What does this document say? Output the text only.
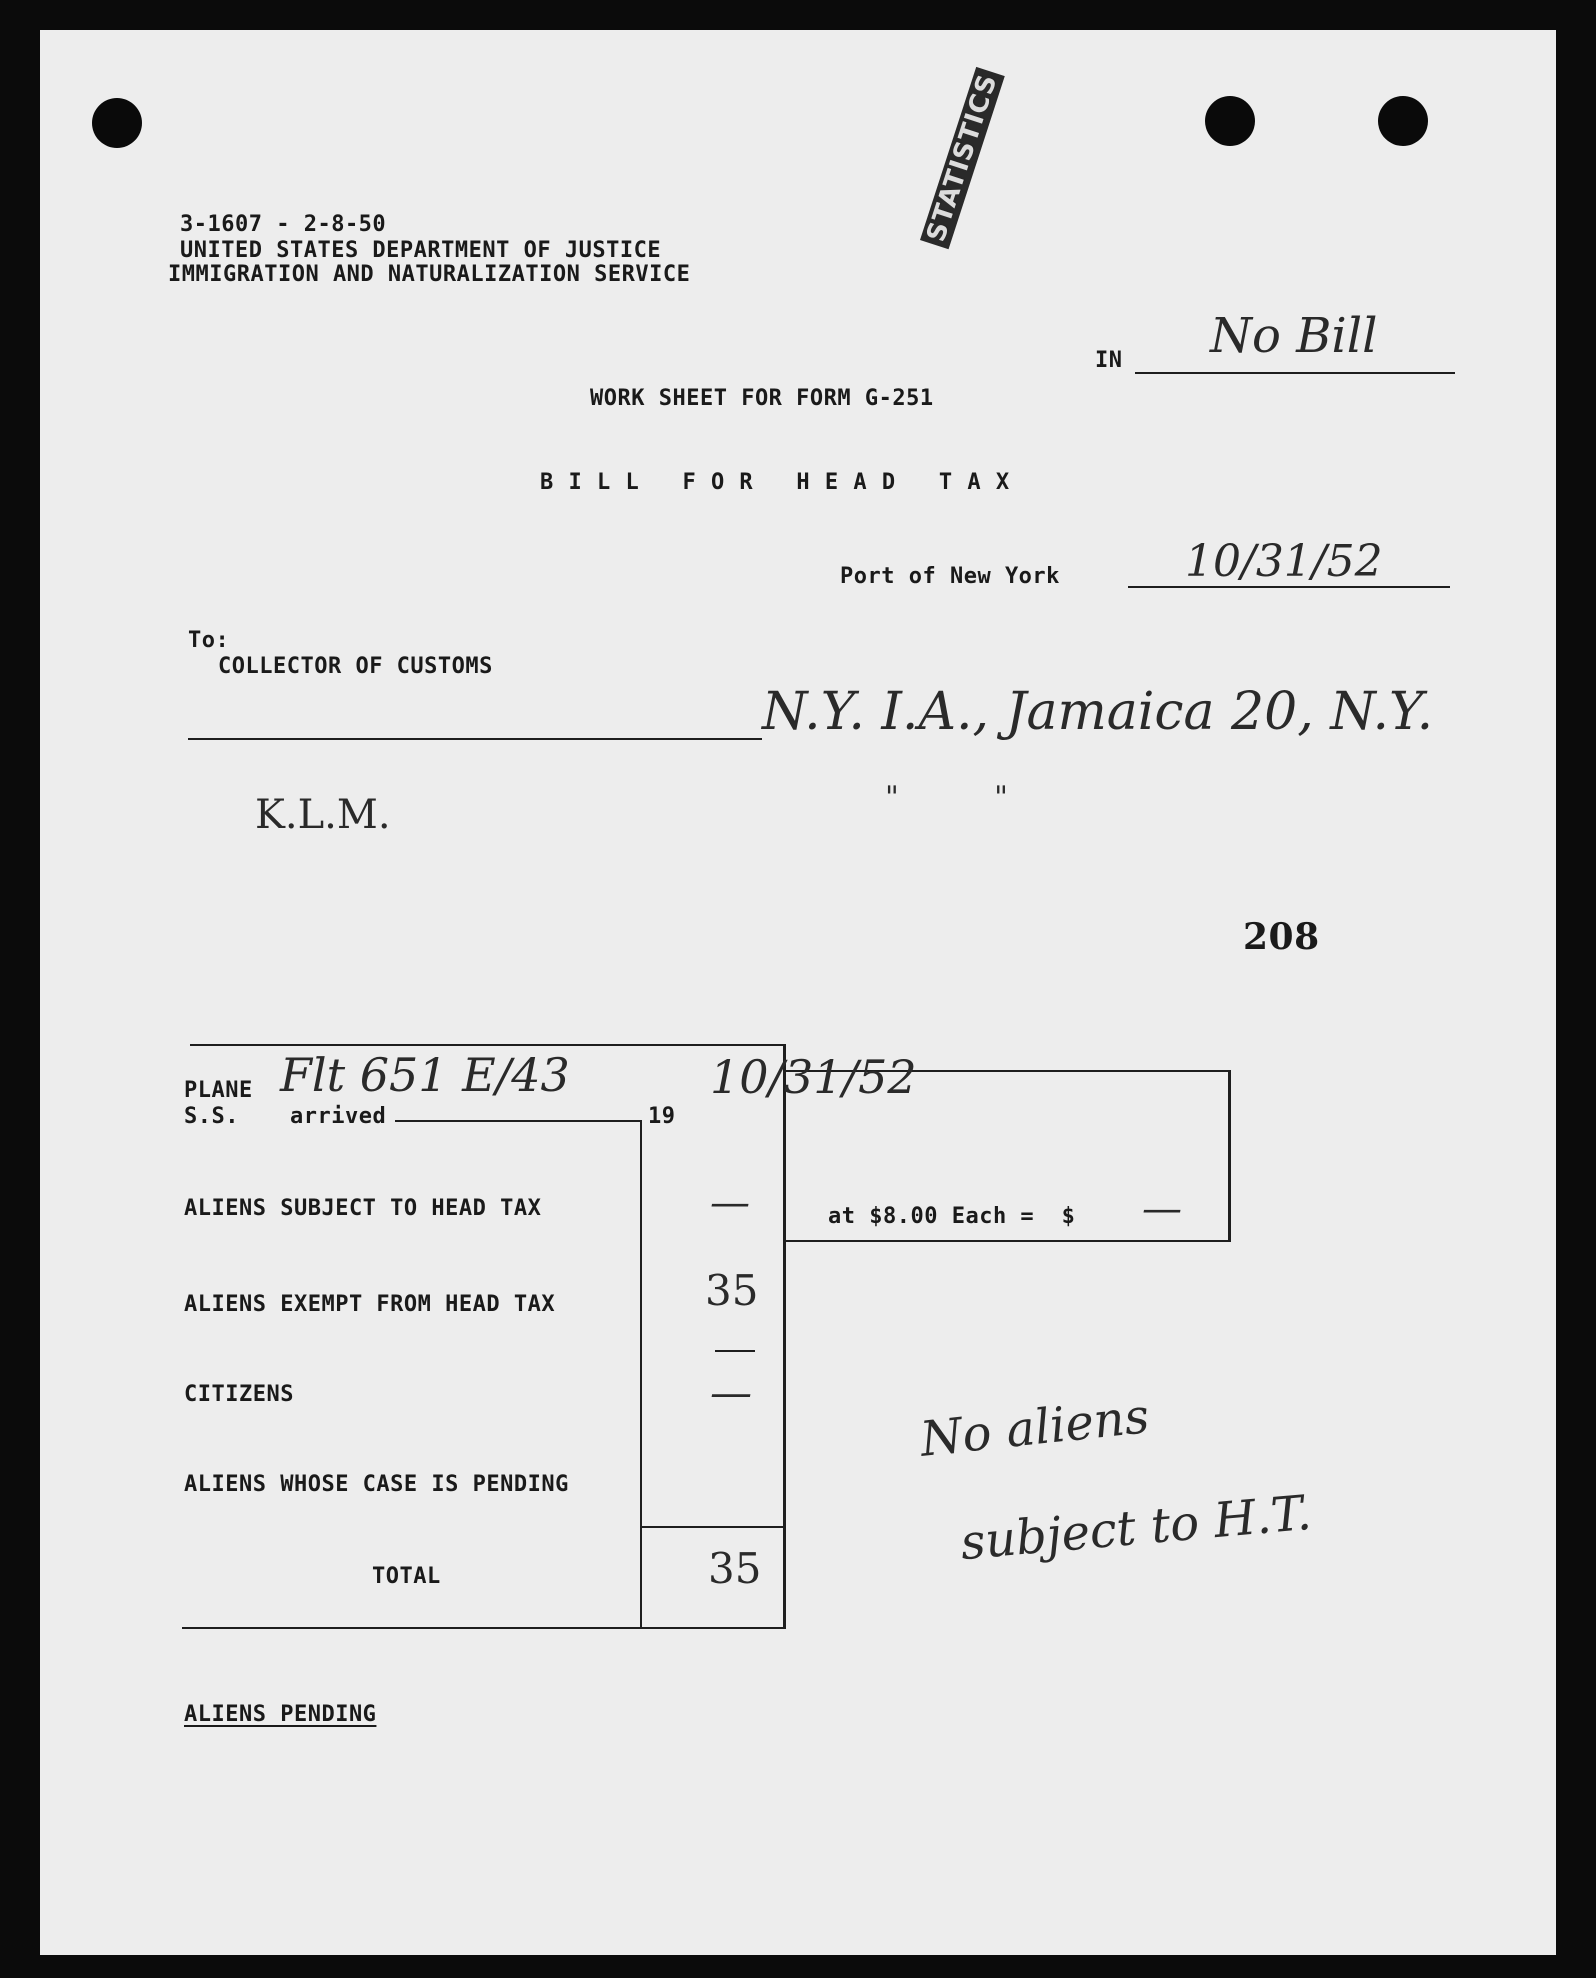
3-1607 - 2-8-50
UNITED STATES DEPARTMENT OF JUSTICE
IMMIGRATION AND NATURALIZATION SERVICE
STATISTICS
IN No Bill
WORK SHEET FOR FORM G-251
B I L L   F O R   H E A D   T A X
Port of New York	10/31/52
To:
COLLECTOR OF CUSTOMS
N.Y. I.A., Jamaica 20, N.Y.
K.L.M.	"          "
208
PLANE
S.S. arrived	19
Flt 651 E/43	10/31/52
ALIENS SUBJECT TO HEAD TAX	—	at $8.00 Each =  $ —
ALIENS EXEMPT FROM HEAD TAX	35
CITIZENS	—
ALIENS WHOSE CASE IS PENDING
TOTAL	35
No aliens
subject to H.T.
ALIENS PENDING
